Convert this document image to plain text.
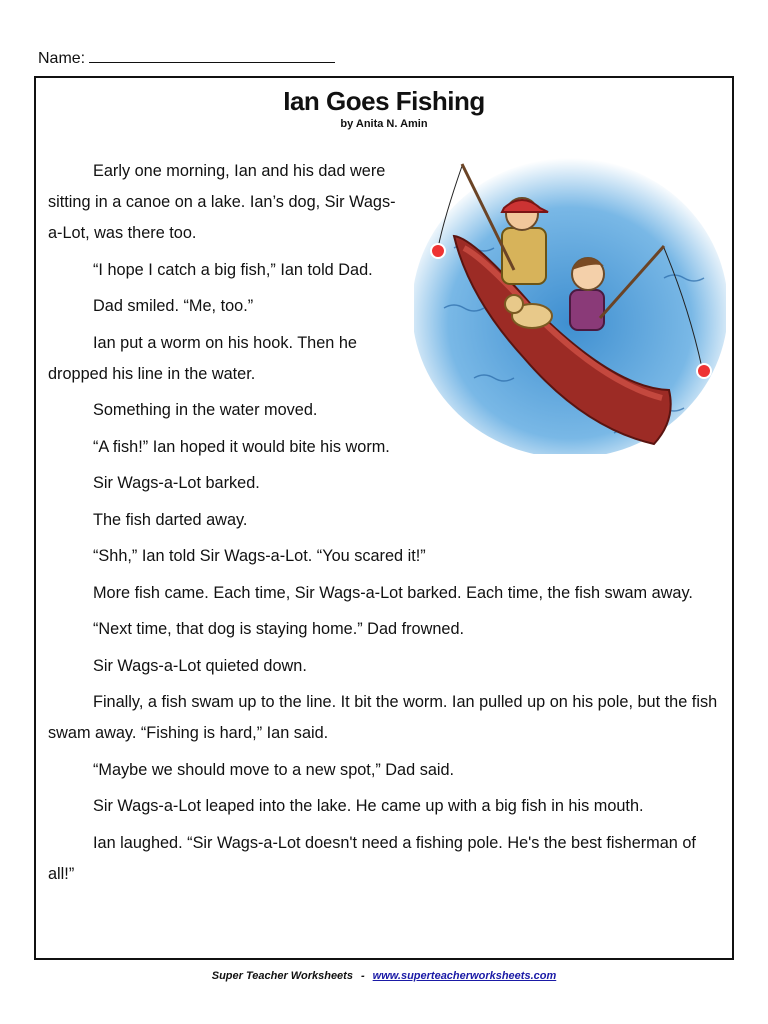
Name:
Ian Goes Fishing
by Anita N. Amin

Early one morning, Ian and his dad were sitting in a canoe on a lake. Ian’s dog, Sir Wags-a-Lot, was there too.

“I hope I catch a big fish,” Ian told Dad.

Dad smiled. “Me, too.”

Ian put a worm on his hook. Then he dropped his line in the water.

Something in the water moved.

“A fish!” Ian hoped it would bite his worm.

Sir Wags-a-Lot barked.

The fish darted away.

“Shh,” Ian told Sir Wags-a-Lot. “You scared it!”

More fish came. Each time, Sir Wags-a-Lot barked. Each time, the fish swam away.

“Next time, that dog is staying home.” Dad frowned.

Sir Wags-a-Lot quieted down.

Finally, a fish swam up to the line. It bit the worm. Ian pulled up on his pole, but the fish swam away. “Fishing is hard,” Ian said.

“Maybe we should move to a new spot,” Dad said.

Sir Wags-a-Lot leaped into the lake. He came up with a big fish in his mouth.

Ian laughed. “Sir Wags-a-Lot doesn't need a fishing pole. He's the best fisherman of all!”

Super Teacher Worksheets - www.superteacherworksheets.com
